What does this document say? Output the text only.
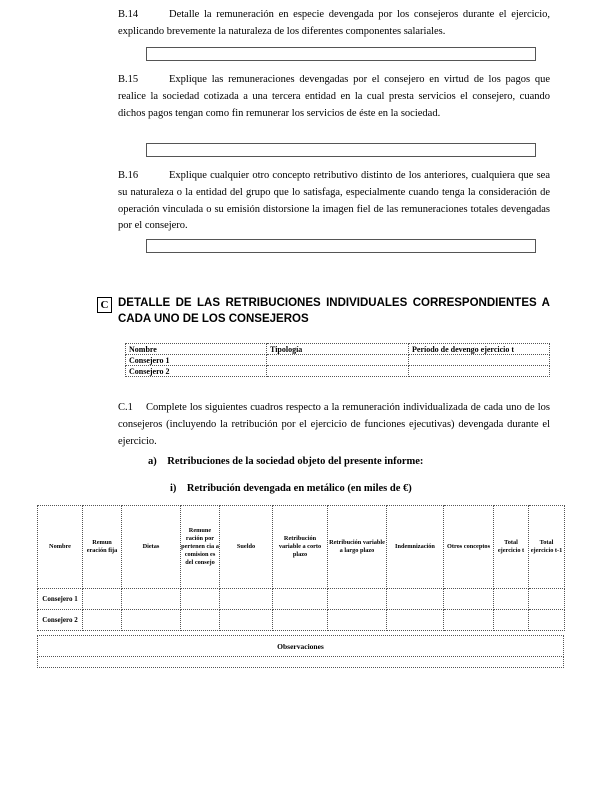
B.14	Detalle la remuneración en especie devengada por los consejeros durante el ejercicio, explicando brevemente la naturaleza de los diferentes componentes salariales.
B.15	Explique las remuneraciones devengadas por el consejero en virtud de los pagos que realice la sociedad cotizada a una tercera entidad en la cual presta servicios el consejero, cuando dichos pagos tengan como fin remunerar los servicios de éste en la sociedad.
B.16	Explique cualquier otro concepto retributivo distinto de los anteriores, cualquiera que sea su naturaleza o la entidad del grupo que lo satisfaga, especialmente cuando tenga la consideración de operación vinculada o su emisión distorsione la imagen fiel de las remuneraciones totales devengadas por el consejero.
C DETALLE DE LAS RETRIBUCIONES INDIVIDUALES CORRESPONDIENTES A CADA UNO DE LOS CONSEJEROS
Nombre	Tipología	Período de devengo ejercicio t
Consejero 1		
Consejero 2		
C.1	Complete los siguientes cuadros respecto a la remuneración individualizada de cada uno de los consejeros (incluyendo la retribución por el ejercicio de funciones ejecutivas) devengada durante el ejercicio.
a)    Retribuciones de la sociedad objeto del presente informe:
i)    Retribución devengada en metálico (en miles de €)
Nombre	Remun eración fija	Dietas	Remune ración por pertenen cia a comision es del consejo	Sueldo	Retribución variable a corto plazo	Retribución variable a largo plazo	Indemnización	Otros conceptos	Total ejercicio t	Total ejercicio t-1
Consejero 1										
Consejero 2										
Observaciones
